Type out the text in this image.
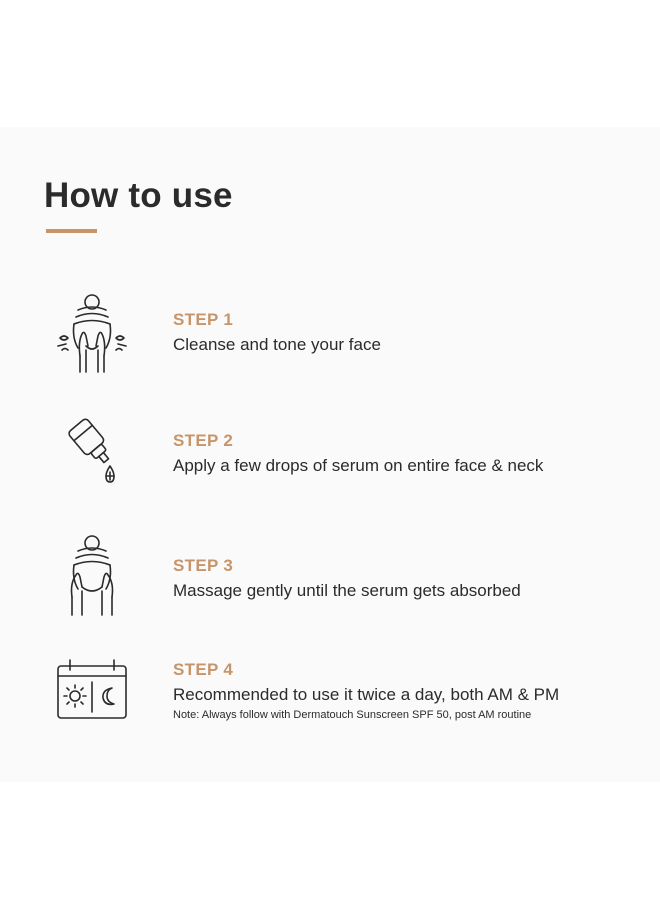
How to use
STEP 1
Cleanse and tone your face
STEP 2
Apply a few drops of serum on entire face & neck
STEP 3
Massage gently until the serum gets absorbed
STEP 4
Recommended to use it twice a day, both AM & PM
Note: Always follow with Dermatouch Sunscreen SPF 50, post AM routine
